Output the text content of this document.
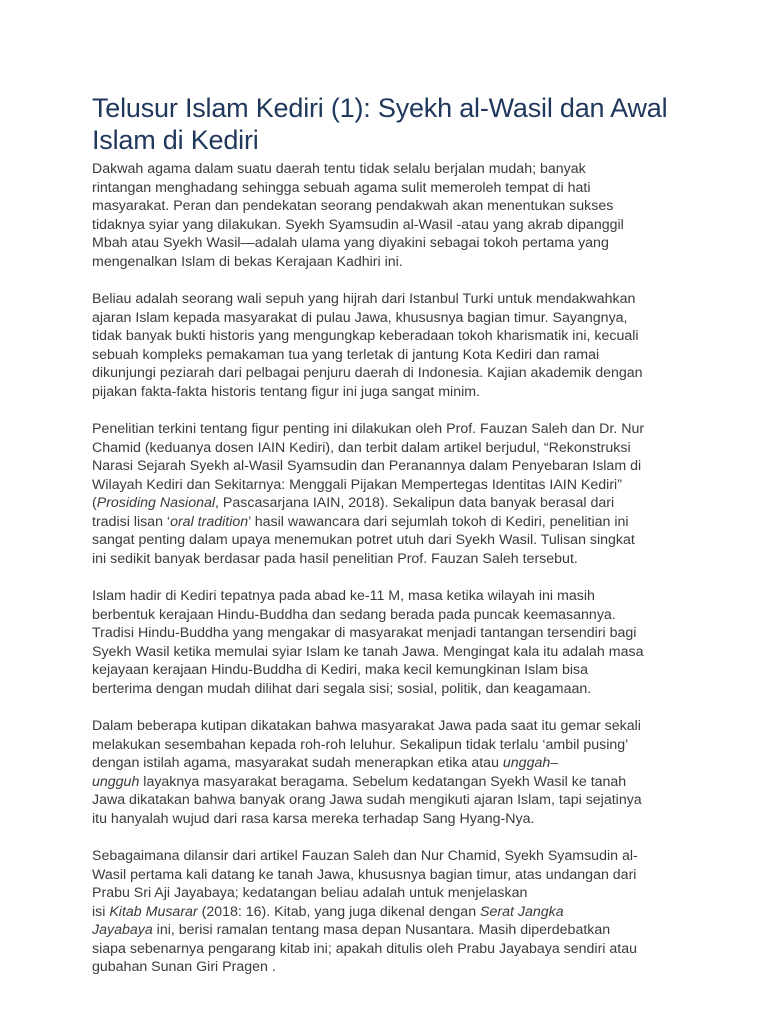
Telusur Islam Kediri (1): Syekh al-Wasil dan Awal Islam di Kediri

Dakwah agama dalam suatu daerah tentu tidak selalu berjalan mudah; banyak
rintangan menghadang sehingga sebuah agama sulit memeroleh tempat di hati
masyarakat. Peran dan pendekatan seorang pendakwah akan menentukan sukses
tidaknya syiar yang dilakukan. Syekh Syamsudin al-Wasil -atau yang akrab dipanggil
Mbah atau Syekh Wasil—adalah ulama yang diyakini sebagai tokoh pertama yang
mengenalkan Islam di bekas Kerajaan Kadhiri ini.

Beliau adalah seorang wali sepuh yang hijrah dari Istanbul Turki untuk mendakwahkan
ajaran Islam kepada masyarakat di pulau Jawa, khususnya bagian timur. Sayangnya,
tidak banyak bukti historis yang mengungkap keberadaan tokoh kharismatik ini, kecuali
sebuah kompleks pemakaman tua yang terletak di jantung Kota Kediri dan ramai
dikunjungi peziarah dari pelbagai penjuru daerah di Indonesia. Kajian akademik dengan
pijakan fakta-fakta historis tentang figur ini juga sangat minim.

Penelitian terkini tentang figur penting ini dilakukan oleh Prof. Fauzan Saleh dan Dr. Nur
Chamid (keduanya dosen IAIN Kediri), dan terbit dalam artikel berjudul, “Rekonstruksi
Narasi Sejarah Syekh al-Wasil Syamsudin dan Peranannya dalam Penyebaran Islam di
Wilayah Kediri dan Sekitarnya: Menggali Pijakan Mempertegas Identitas IAIN Kediri”
(Prosiding Nasional, Pascasarjana IAIN, 2018). Sekalipun data banyak berasal dari
tradisi lisan ‘oral tradition’ hasil wawancara dari sejumlah tokoh di Kediri, penelitian ini
sangat penting dalam upaya menemukan potret utuh dari Syekh Wasil. Tulisan singkat
ini sedikit banyak berdasar pada hasil penelitian Prof. Fauzan Saleh tersebut.

Islam hadir di Kediri tepatnya pada abad ke-11 M, masa ketika wilayah ini masih
berbentuk kerajaan Hindu-Buddha dan sedang berada pada puncak keemasannya.
Tradisi Hindu-Buddha yang mengakar di masyarakat menjadi tantangan tersendiri bagi
Syekh Wasil ketika memulai syiar Islam ke tanah Jawa. Mengingat kala itu adalah masa
kejayaan kerajaan Hindu-Buddha di Kediri, maka kecil kemungkinan Islam bisa
berterima dengan mudah dilihat dari segala sisi; sosial, politik, dan keagamaan.

Dalam beberapa kutipan dikatakan bahwa masyarakat Jawa pada saat itu gemar sekali
melakukan sesembahan kepada roh-roh leluhur. Sekalipun tidak terlalu ‘ambil pusing’
dengan istilah agama, masyarakat sudah menerapkan etika atau unggah–
ungguh layaknya masyarakat beragama. Sebelum kedatangan Syekh Wasil ke tanah
Jawa dikatakan bahwa banyak orang Jawa sudah mengikuti ajaran Islam, tapi sejatinya
itu hanyalah wujud dari rasa karsa mereka terhadap Sang Hyang-Nya.

Sebagaimana dilansir dari artikel Fauzan Saleh dan Nur Chamid, Syekh Syamsudin al-
Wasil pertama kali datang ke tanah Jawa, khususnya bagian timur, atas undangan dari
Prabu Sri Aji Jayabaya; kedatangan beliau adalah untuk menjelaskan
isi Kitab Musarar (2018: 16). Kitab, yang juga dikenal dengan Serat Jangka
Jayabaya ini, berisi ramalan tentang masa depan Nusantara. Masih diperdebatkan
siapa sebenarnya pengarang kitab ini; apakah ditulis oleh Prabu Jayabaya sendiri atau
gubahan Sunan Giri Pragen .
